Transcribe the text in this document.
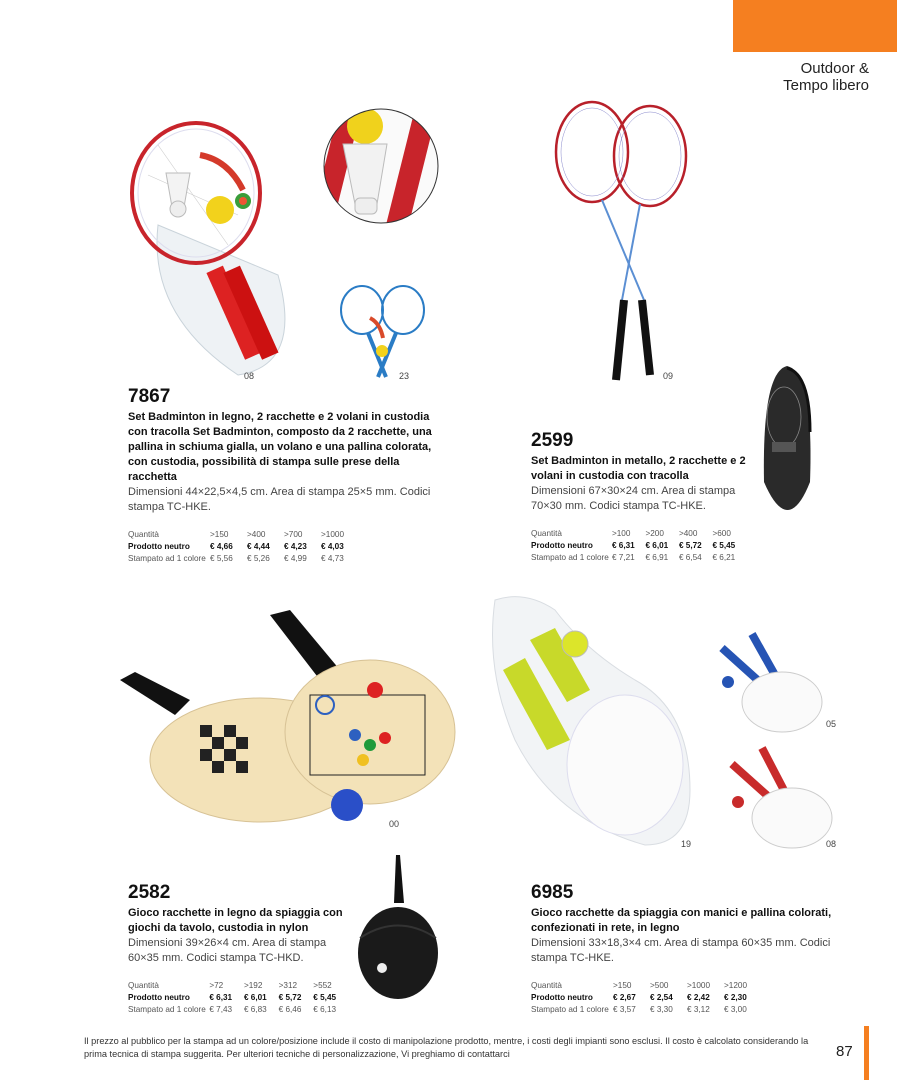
Outdoor &
Tempo libero
08	23	09
00
19
05
08
7867
Set Badminton in legno, 2 racchette e 2 volani in custodia con tracolla Set Badminton, composto da 2 racchette, una pallina in schiuma gialla, un volano e una pallina colorata, con custodia, possibilità di stampa sulle prese della racchetta
Dimensioni 44×22,5×4,5 cm. Area di stampa 25×5 mm. Codici stampa TC-HKE.
Quantità	>150	>400	>700	>1000
Prodotto neutro	€ 4,66	€ 4,44	€ 4,23	€ 4,03
Stampato ad 1 colore	€ 5,56	€ 5,26	€ 4,99	€ 4,73
2599
Set Badminton in metallo, 2 racchette e 2 volani in custodia con tracolla
Dimensioni 67×30×24 cm. Area di stampa 70×30 mm. Codici stampa TC-HKE.
Quantità	>100	>200	>400	>600
Prodotto neutro	€ 6,31	€ 6,01	€ 5,72	€ 5,45
Stampato ad 1 colore	€ 7,21	€ 6,91	€ 6,54	€ 6,21
2582
Gioco racchette in legno da spiaggia con giochi da tavolo, custodia in nylon
Dimensioni 39×26×4 cm. Area di stampa 60×35 mm. Codici stampa TC-HKD.
Quantità	>72	>192	>312	>552
Prodotto neutro	€ 6,31	€ 6,01	€ 5,72	€ 5,45
Stampato ad 1 colore	€ 7,43	€ 6,83	€ 6,46	€ 6,13
6985
Gioco racchette da spiaggia con manici e pallina colorati, confezionati in rete, in legno
Dimensioni 33×18,3×4 cm. Area di stampa 60×35 mm. Codici stampa TC-HKE.
Quantità	>150	>500	>1000	>1200
Prodotto neutro	€ 2,67	€ 2,54	€ 2,42	€ 2,30
Stampato ad 1 colore	€ 3,57	€ 3,30	€ 3,12	€ 3,00
Il prezzo al pubblico per la stampa ad un colore/posizione include il costo di manipolazione prodotto, mentre, i costi degli impianti sono esclusi. Il costo è calcolato considerando la prima tecnica di stampa suggerita. Per ulteriori tecniche di personalizzazione, Vi preghiamo di contattarci	87
